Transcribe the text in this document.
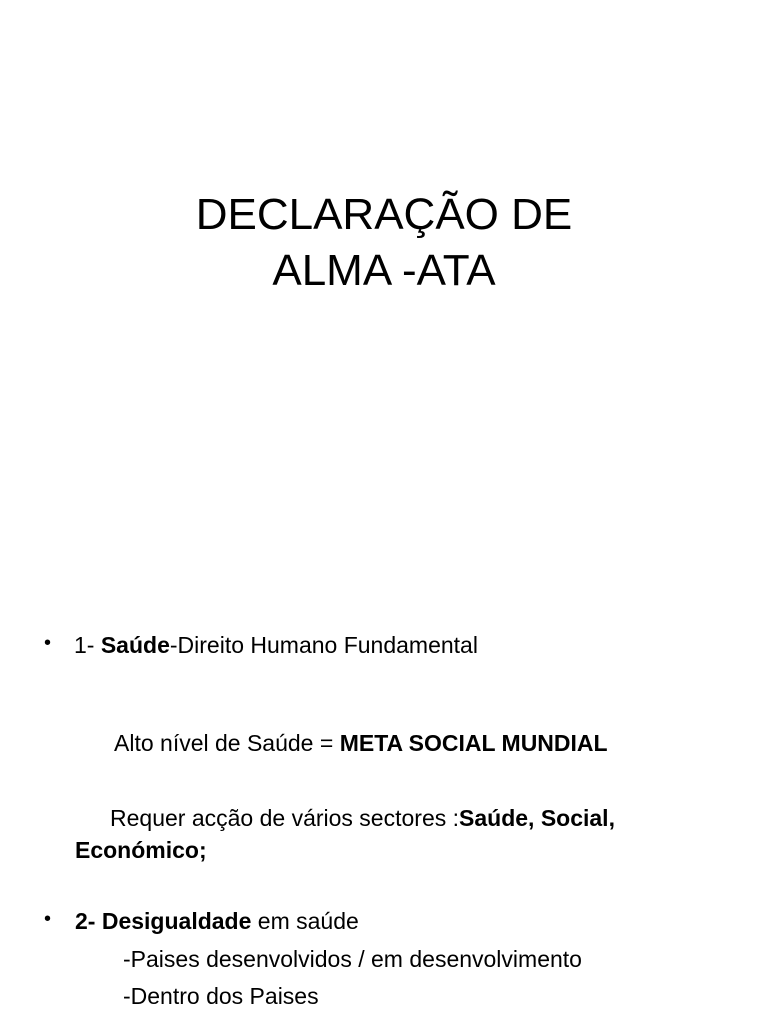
DECLARAÇÃO DE
ALMA -ATA
• 1- Saúde-Direito Humano Fundamental
Alto nível de Saúde = META SOCIAL MUNDIAL
Requer acção de vários sectores :Saúde, Social,
Económico;
• 2- Desigualdade em saúde
-Paises desenvolvidos / em desenvolvimento
-Dentro dos Paises
